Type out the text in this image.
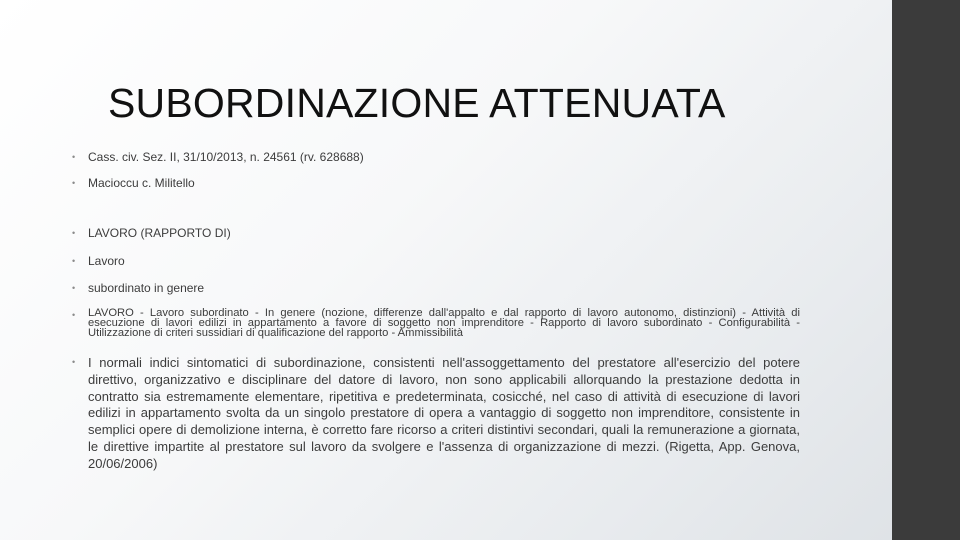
SUBORDINAZIONE ATTENUATA
• Cass. civ. Sez. II, 31/10/2013, n. 24561 (rv. 628688)
• Macioccu c. Militello
• LAVORO (RAPPORTO DI)
• Lavoro
• subordinato in genere
• LAVORO - Lavoro subordinato - In genere (nozione, differenze dall'appalto e dal rapporto di lavoro autonomo, distinzioni) - Attività di esecuzione di lavori edilizi in appartamento a favore di soggetto non imprenditore - Rapporto di lavoro subordinato - Configurabilità - Utilizzazione di criteri sussidiari di qualificazione del rapporto - Ammissibilità
• I normali indici sintomatici di subordinazione, consistenti nell'assoggettamento del prestatore all'esercizio del potere direttivo, organizzativo e disciplinare del datore di lavoro, non sono applicabili allorquando la prestazione dedotta in contratto sia estremamente elementare, ripetitiva e predeterminata, cosicché, nel caso di attività di esecuzione di lavori edilizi in appartamento svolta da un singolo prestatore di opera a vantaggio di soggetto non imprenditore, consistente in semplici opere di demolizione interna, è corretto fare ricorso a criteri distintivi secondari, quali la remunerazione a giornata, le direttive impartite al prestatore sul lavoro da svolgere e l'assenza di organizzazione di mezzi. (Rigetta, App. Genova, 20/06/2006)
